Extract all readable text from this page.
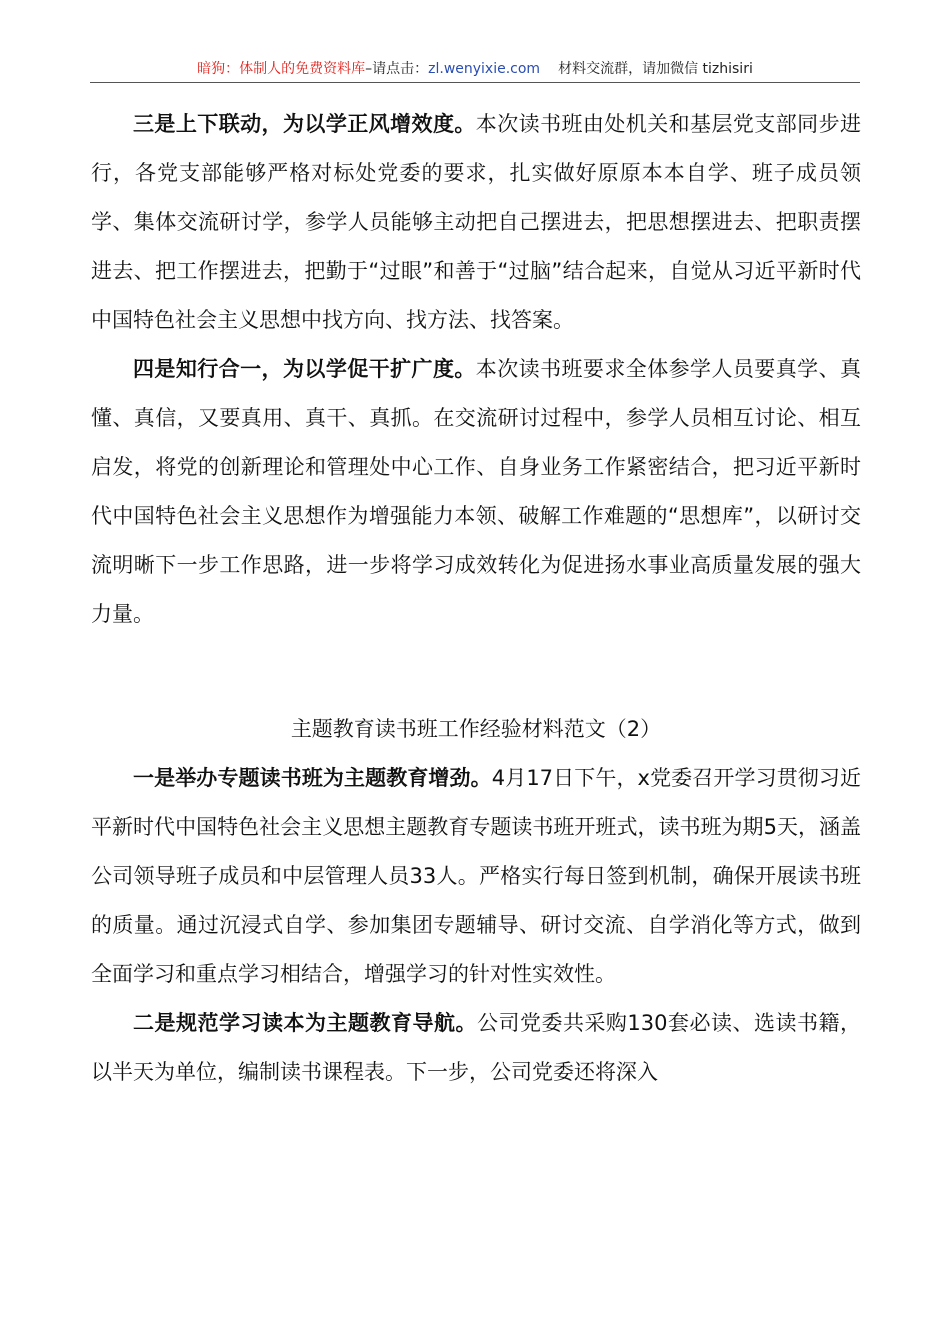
暗狗：体制人的免费资料库–请点击：zl.wenyixie.com 材料交流群，请加微信 tizhisiri

三是上下联动，为以学正风增效度。本次读书班由处机关和基层党支部同步进行，各党支部能够严格对标处党委的要求，扎实做好原原本本自学、班子成员领学、集体交流研讨学，参学人员能够主动把自己摆进去，把思想摆进去、把职责摆进去、把工作摆进去，把勤于“过眼”和善于“过脑”结合起来，自觉从习近平新时代中国特色社会主义思想中找方向、找方法、找答案。

四是知行合一，为以学促干扩广度。本次读书班要求全体参学人员要真学、真懂、真信，又要真用、真干、真抓。在交流研讨过程中，参学人员相互讨论、相互启发，将党的创新理论和管理处中心工作、自身业务工作紧密结合，把习近平新时代中国特色社会主义思想作为增强能力本领、破解工作难题的“思想库”，以研讨交流明晰下一步工作思路，进一步将学习成效转化为促进扬水事业高质量发展的强大力量。

主题教育读书班工作经验材料范文（2）

一是举办专题读书班为主题教育增劲。4月17日下午，x党委召开学习贯彻习近平新时代中国特色社会主义思想主题教育专题读书班开班式，读书班为期5天，涵盖公司领导班子成员和中层管理人员33人。严格实行每日签到机制，确保开展读书班的质量。通过沉浸式自学、参加集团专题辅导、研讨交流、自学消化等方式，做到全面学习和重点学习相结合，增强学习的针对性实效性。

二是规范学习读本为主题教育导航。公司党委共采购130套必读、选读书籍，以半天为单位，编制读书课程表。下一步，公司党委还将深入
